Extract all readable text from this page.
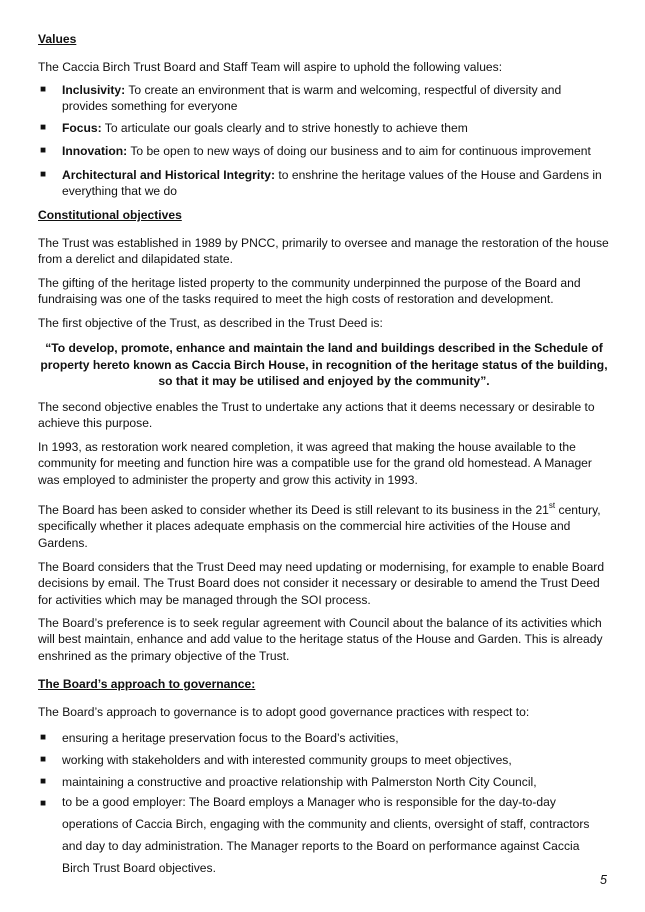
Values
The Caccia Birch Trust Board and Staff Team will aspire to uphold the following values:
■ Inclusivity: To create an environment that is warm and welcoming, respectful of diversity and provides something for everyone
■ Focus: To articulate our goals clearly and to strive honestly to achieve them
■ Innovation: To be open to new ways of doing our business and to aim for continuous improvement
■ Architectural and Historical Integrity: to enshrine the heritage values of the House and Gardens in everything that we do
Constitutional objectives
The Trust was established in 1989 by PNCC, primarily to oversee and manage the restoration of the house from a derelict and dilapidated state.
The gifting of the heritage listed property to the community underpinned the purpose of the Board and fundraising was one of the tasks required to meet the high costs of restoration and development.
The first objective of the Trust, as described in the Trust Deed is:
“To develop, promote, enhance and maintain the land and buildings described in the Schedule of property hereto known as Caccia Birch House, in recognition of the heritage status of the building, so that it may be utilised and enjoyed by the community”.
The second objective enables the Trust to undertake any actions that it deems necessary or desirable to achieve this purpose.
In 1993, as restoration work neared completion, it was agreed that making the house available to the community for meeting and function hire was a compatible use for the grand old homestead. A Manager was employed to administer the property and grow this activity in 1993.
The Board has been asked to consider whether its Deed is still relevant to its business in the 21st century, specifically whether it places adequate emphasis on the commercial hire activities of the House and Gardens.
The Board considers that the Trust Deed may need updating or modernising, for example to enable Board decisions by email. The Trust Board does not consider it necessary or desirable to amend the Trust Deed for activities which may be managed through the SOI process.
The Board’s preference is to seek regular agreement with Council about the balance of its activities which will best maintain, enhance and add value to the heritage status of the House and Garden. This is already enshrined as the primary objective of the Trust.
The Board’s approach to governance:
The Board’s approach to governance is to adopt good governance practices with respect to:
■ ensuring a heritage preservation focus to the Board’s activities,
■ working with stakeholders and with interested community groups to meet objectives,
■ maintaining a constructive and proactive relationship with Palmerston North City Council,
■ to be a good employer: The Board employs a Manager who is responsible for the day-to-day operations of Caccia Birch, engaging with the community and clients, oversight of staff, contractors and day to day administration. The Manager reports to the Board on performance against Caccia Birch Trust Board objectives.
5
